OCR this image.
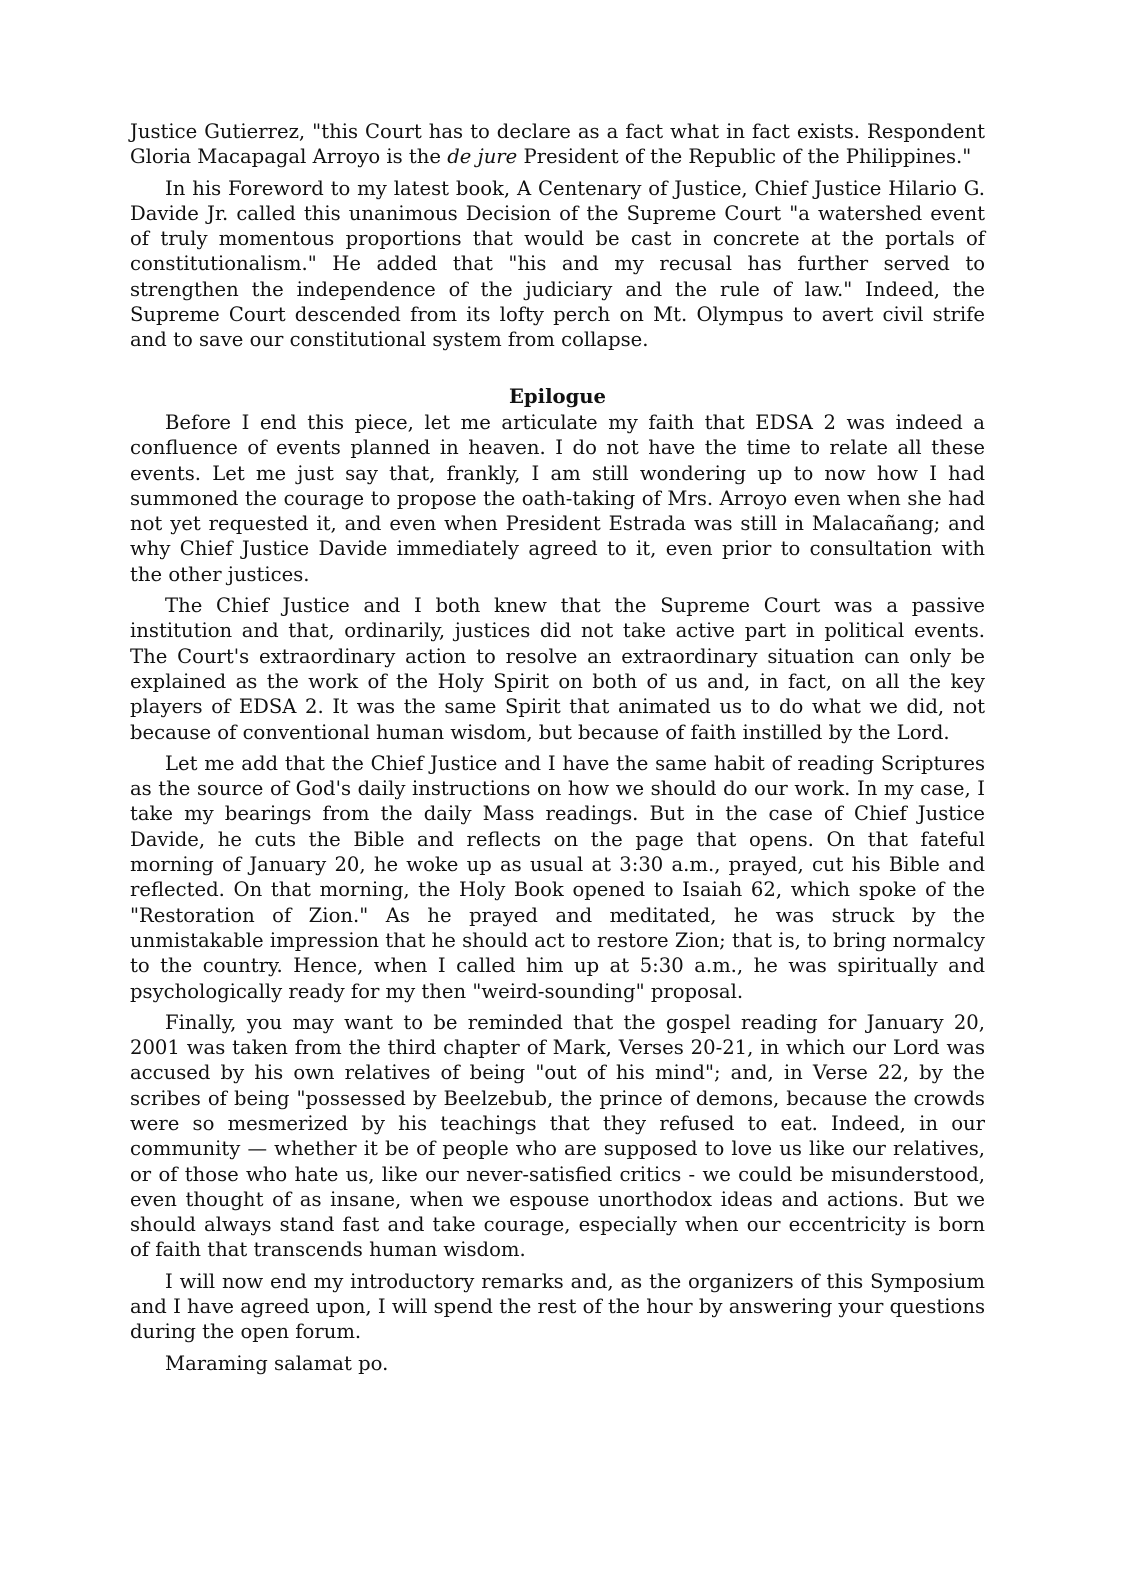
Justice Gutierrez, "this Court has to declare as a fact what in fact exists. Respondent Gloria Macapagal Arroyo is the de jure President of the Republic of the Philippines."

In his Foreword to my latest book, A Centenary of Justice, Chief Justice Hilario G. Davide Jr. called this unanimous Decision of the Supreme Court "a watershed event of truly momentous proportions that would be cast in concrete at the portals of constitutionalism." He added that "his and my recusal has further served to strengthen the independence of the judiciary and the rule of law." Indeed, the Supreme Court descended from its lofty perch on Mt. Olympus to avert civil strife and to save our constitutional system from collapse.

Epilogue

Before I end this piece, let me articulate my faith that EDSA 2 was indeed a confluence of events planned in heaven. I do not have the time to relate all these events. Let me just say that, frankly, I am still wondering up to now how I had summoned the courage to propose the oath-taking of Mrs. Arroyo even when she had not yet requested it, and even when President Estrada was still in Malacañang; and why Chief Justice Davide immediately agreed to it, even prior to consultation with the other justices.

The Chief Justice and I both knew that the Supreme Court was a passive institution and that, ordinarily, justices did not take active part in political events. The Court's extraordinary action to resolve an extraordinary situation can only be explained as the work of the Holy Spirit on both of us and, in fact, on all the key players of EDSA 2. It was the same Spirit that animated us to do what we did, not because of conventional human wisdom, but because of faith instilled by the Lord.

Let me add that the Chief Justice and I have the same habit of reading Scriptures as the source of God's daily instructions on how we should do our work. In my case, I take my bearings from the daily Mass readings. But in the case of Chief Justice Davide, he cuts the Bible and reflects on the page that opens. On that fateful morning of January 20, he woke up as usual at 3:30 a.m., prayed, cut his Bible and reflected. On that morning, the Holy Book opened to Isaiah 62, which spoke of the "Restoration of Zion." As he prayed and meditated, he was struck by the unmistakable impression that he should act to restore Zion; that is, to bring normalcy to the country. Hence, when I called him up at 5:30 a.m., he was spiritually and psychologically ready for my then "weird-sounding" proposal.

Finally, you may want to be reminded that the gospel reading for January 20, 2001 was taken from the third chapter of Mark, Verses 20-21, in which our Lord was accused by his own relatives of being "out of his mind"; and, in Verse 22, by the scribes of being "possessed by Beelzebub, the prince of demons, because the crowds were so mesmerized by his teachings that they refused to eat. Indeed, in our community — whether it be of people who are supposed to love us like our relatives, or of those who hate us, like our never-satisfied critics - we could be misunderstood, even thought of as insane, when we espouse unorthodox ideas and actions. But we should always stand fast and take courage, especially when our eccentricity is born of faith that transcends human wisdom.

I will now end my introductory remarks and, as the organizers of this Symposium and I have agreed upon, I will spend the rest of the hour by answering your questions during the open forum.

Maraming salamat po.
